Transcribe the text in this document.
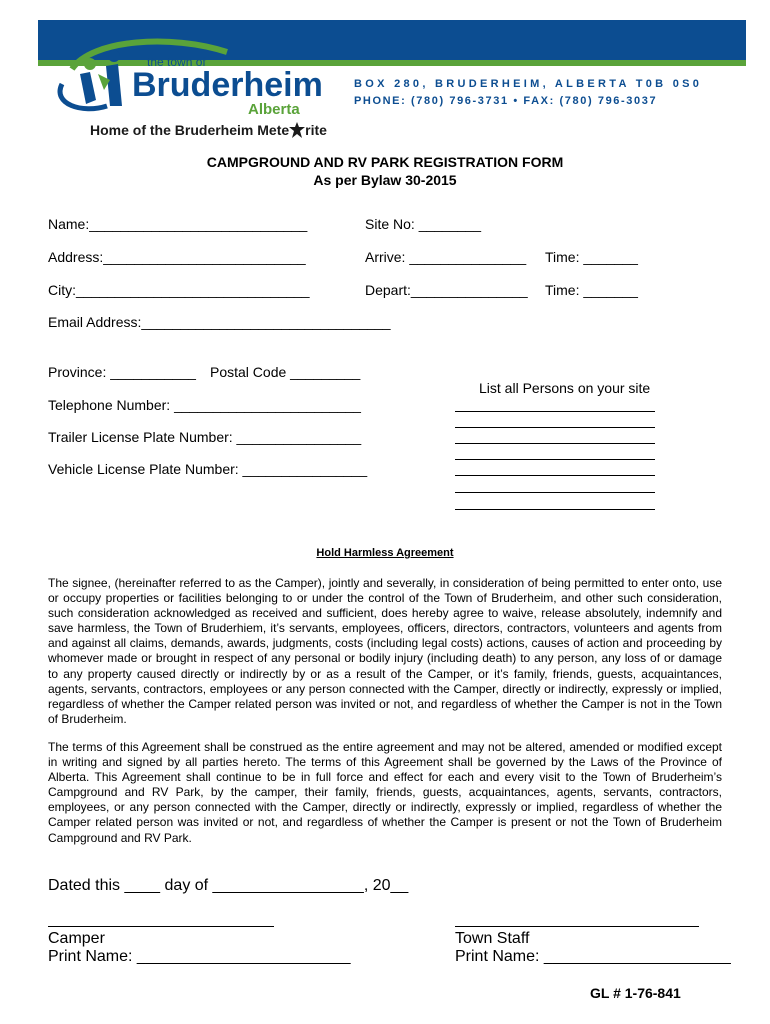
the town of
Bruderheim
Alberta
BOX 280, BRUDERHEIM, ALBERTA T0B 0S0
PHONE: (780) 796-3731 • FAX: (780) 796-3037
Home of the Bruderheim Mete rite
CAMPGROUND AND RV PARK REGISTRATION FORM
As per Bylaw 30-2015
Name:____________________________	Site No: ________
Address:__________________________	Arrive: _______________ Time: _______
City:______________________________	Depart:_______________ Time: _______
Email Address:________________________________
Province: ___________ Postal Code _________
Telephone Number: ________________________
Trailer License Plate Number: ________________
Vehicle License Plate Number: ________________
List all Persons on your site
Hold Harmless Agreement
The signee, (hereinafter referred to as the Camper), jointly and severally, in consideration of being permitted to enter onto, use or occupy properties or facilities belonging to or under the control of the Town of Bruderheim, and other such consideration, such consideration acknowledged as received and sufficient, does hereby agree to waive, release absolutely, indemnify and save harmless, the Town of Bruderhiem, it’s servants, employees, officers, directors, contractors, volunteers and agents from and against all claims, demands, awards, judgments, costs (including legal costs) actions, causes of action and proceeding by whomever made or brought in respect of any personal or bodily injury (including death) to any person, any loss of or damage to any property caused directly or indirectly by or as a result of the Camper, or it’s family, friends, guests, acquaintances, agents, servants, contractors, employees or any person connected with the Camper, directly or indirectly, expressly or implied, regardless of whether the Camper related person was invited or not, and regardless of whether the Camper is not in the Town of Bruderheim.
The terms of this Agreement shall be construed as the entire agreement and may not be altered, amended or modified except in writing and signed by all parties hereto. The terms of this Agreement shall be governed by the Laws of the Province of Alberta. This Agreement shall continue to be in full force and effect for each and every visit to the Town of Bruderheim’s Campground and RV Park, by the camper, their family, friends, guests, acquaintances, agents, servants, contractors, employees, or any person connected with the Camper, directly or indirectly, expressly or implied, regardless of whether the Camper related person was invited or not, and regardless of whether the Camper is present or not the Town of Bruderheim Campground and RV Park.
Dated this ____ day of _________________, 20__
Camper
Print Name: ________________________
Town Staff
Print Name: _____________________
GL # 1-76-841
